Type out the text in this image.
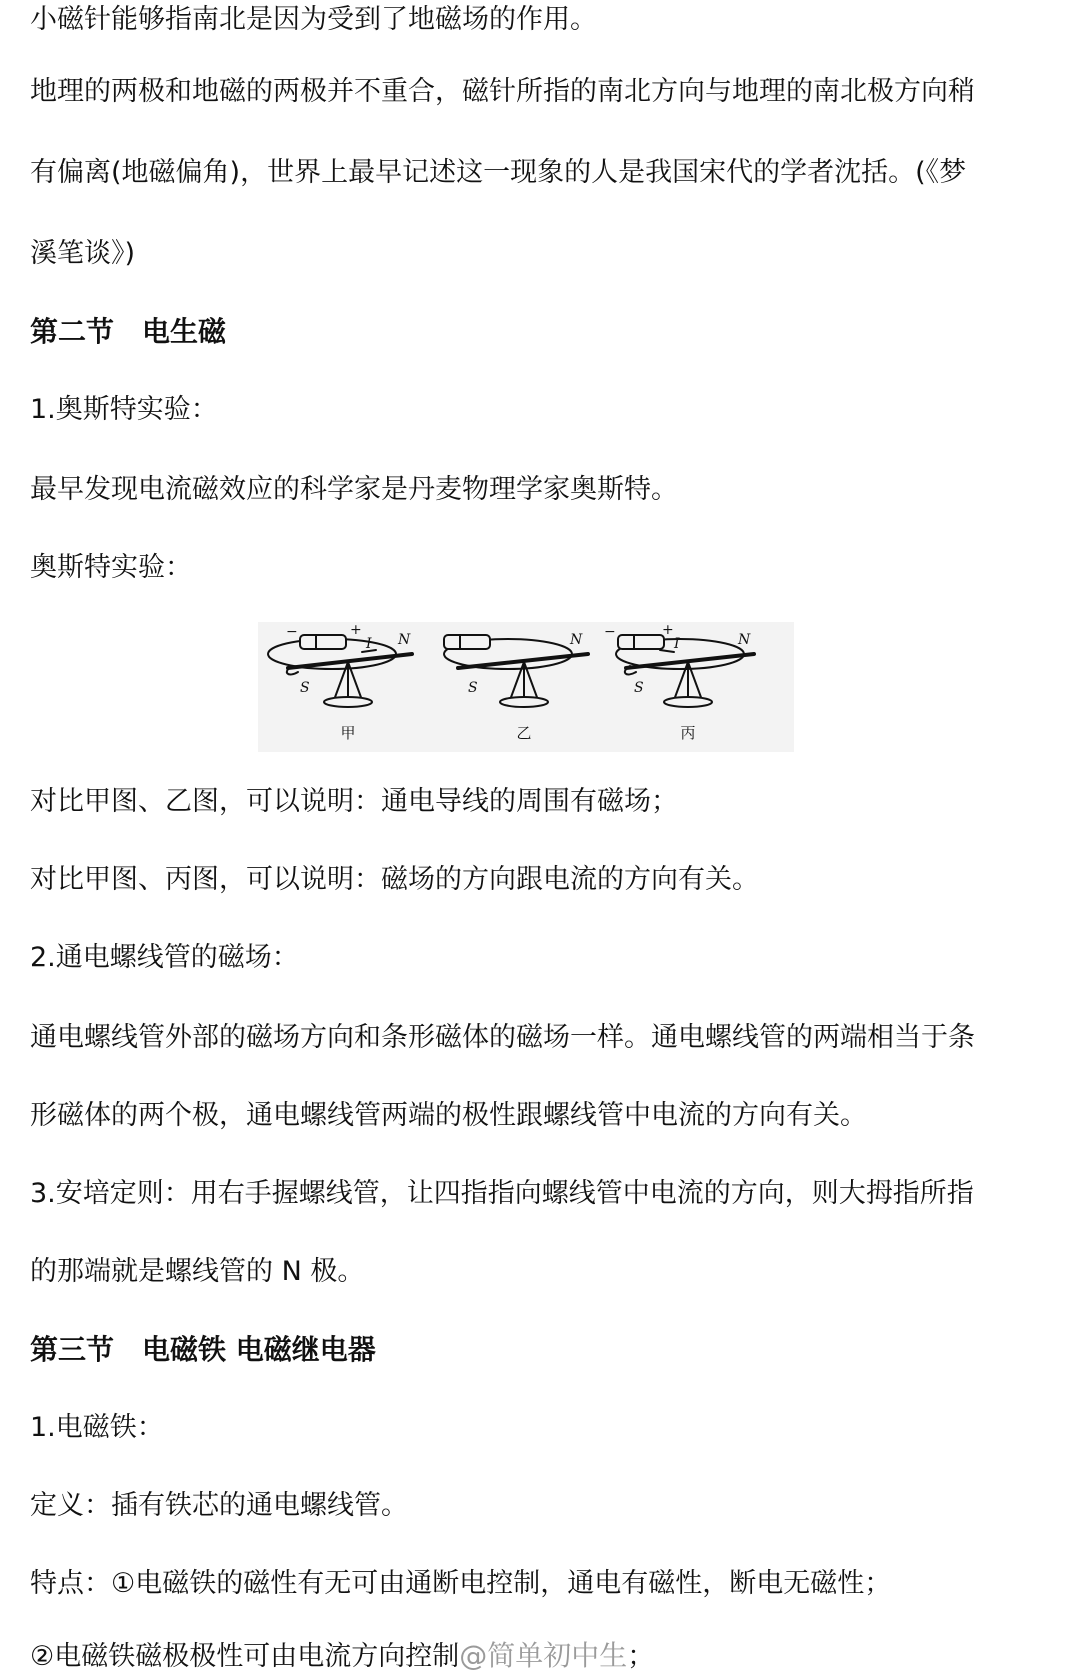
小磁针能够指南北是因为受到了地磁场的作用。
地理的两极和地磁的两极并不重合，磁针所指的南北方向与地理的南北极方向稍
有偏离(地磁偏角)，世界上最早记述这一现象的人是我国宋代的学者沈括。(《梦
溪笔谈》)
第二节　电生磁
1.奥斯特实验：
最早发现电流磁效应的科学家是丹麦物理学家奥斯特。
奥斯特实验：
−	+
I N
S
N
S
−	+
I	N
S
甲	乙	丙
对比甲图、乙图，可以说明：通电导线的周围有磁场；
对比甲图、丙图，可以说明：磁场的方向跟电流的方向有关。
2.通电螺线管的磁场：
通电螺线管外部的磁场方向和条形磁体的磁场一样。通电螺线管的两端相当于条
形磁体的两个极，通电螺线管两端的极性跟螺线管中电流的方向有关。
3.安培定则：用右手握螺线管，让四指指向螺线管中电流的方向，则大拇指所指
的那端就是螺线管的 N 极。
第三节　电磁铁 电磁继电器
1.电磁铁：
定义：插有铁芯的通电螺线管。
特点：①电磁铁的磁性有无可由通断电控制，通电有磁性，断电无磁性；
②电磁铁磁极极性可由电流方向控制@简单初中生；
